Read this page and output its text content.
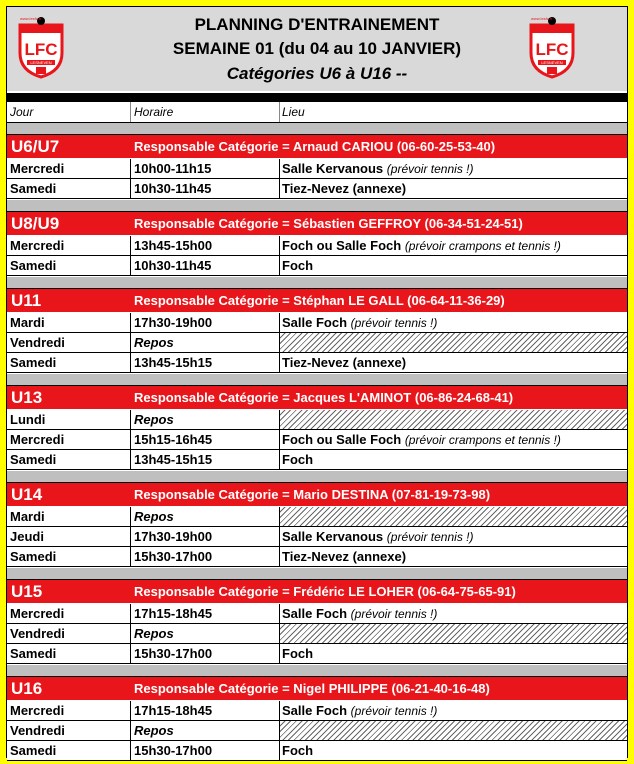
LFC
LESNEVEN
www.lesfc.fr
LFC
LESNEVEN
www.lesfc.fr
PLANNING D'ENTRAINEMENT
SEMAINE 01 (du 04 au 10 JANVIER)
Catégories U6 à U16 --
Jour	Horaire	Lieu
U6/U7	Responsable Catégorie = Arnaud CARIOU (06-60-25-53-40)
Mercredi	10h00-11h15	Salle Kervanous (prévoir tennis !)
Samedi	10h30-11h45	Tiez-Nevez (annexe)
U8/U9	Responsable Catégorie = Sébastien GEFFROY (06-34-51-24-51)
Mercredi	13h45-15h00	Foch ou Salle Foch (prévoir crampons et tennis !)
Samedi	10h30-11h45	Foch
U11	Responsable Catégorie = Stéphan LE GALL (06-64-11-36-29)
Mardi	17h30-19h00	Salle Foch (prévoir tennis !)
Vendredi	Repos
Samedi	13h45-15h15	Tiez-Nevez (annexe)
U13	Responsable Catégorie = Jacques L'AMINOT (06-86-24-68-41)
Lundi	Repos
Mercredi	15h15-16h45	Foch ou Salle Foch (prévoir crampons et tennis !)
Samedi	13h45-15h15	Foch
U14	Responsable Catégorie = Mario DESTINA (07-81-19-73-98)
Mardi	Repos
Jeudi	17h30-19h00	Salle Kervanous (prévoir tennis !)
Samedi	15h30-17h00	Tiez-Nevez (annexe)
U15	Responsable Catégorie = Frédéric LE LOHER (06-64-75-65-91)
Mercredi	17h15-18h45	Salle Foch (prévoir tennis !)
Vendredi	Repos
Samedi	15h30-17h00	Foch
U16	Responsable Catégorie = Nigel PHILIPPE (06-21-40-16-48)
Mercredi	17h15-18h45	Salle Foch (prévoir tennis !)
Vendredi	Repos
Samedi	15h30-17h00	Foch
